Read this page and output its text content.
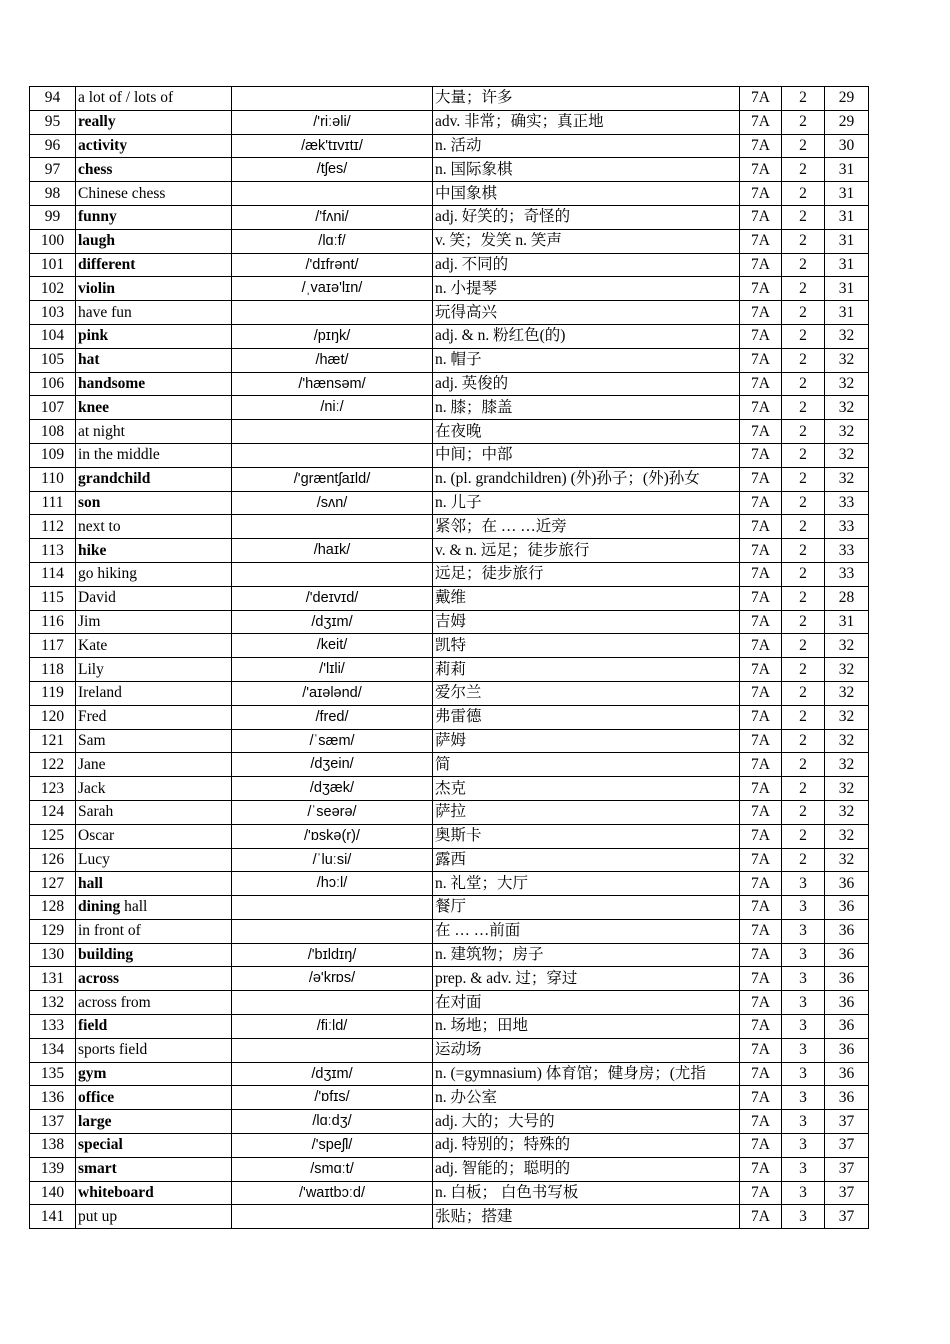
94	a lot of / lots of		大量；许多	7A	2	29
95	really	/'riːəli/	adv. 非常；确实；真正地	7A	2	29
96	activity	/æk'tɪvɪtɪ/	n. 活动	7A	2	30
97	chess	/tʃes/	n. 国际象棋	7A	2	31
98	Chinese chess		中国象棋	7A	2	31
99	funny	/'fʌni/	adj. 好笑的；奇怪的	7A	2	31
100	laugh	/lɑːf/	v. 笑；发笑 n. 笑声	7A	2	31
101	different	/'dɪfrənt/	adj. 不同的	7A	2	31
102	violin	/ˌvaɪə'lɪn/	n. 小提琴	7A	2	31
103	have fun		玩得高兴	7A	2	31
104	pink	/pɪŋk/	adj. & n. 粉红色(的)	7A	2	32
105	hat	/hæt/	n. 帽子	7A	2	32
106	handsome	/'hænsəm/	adj. 英俊的	7A	2	32
107	knee	/niː/	n. 膝；膝盖	7A	2	32
108	at night		在夜晚	7A	2	32
109	in the middle		中间；中部	7A	2	32
110	grandchild	/'græntʃaɪld/	n. (pl. grandchildren) (外)孙子；(外)孙女	7A	2	32
111	son	/sʌn/	n. 儿子	7A	2	33
112	next to		紧邻；在 … …近旁	7A	2	33
113	hike	/haɪk/	v. & n. 远足；徒步旅行	7A	2	33
114	go hiking		远足；徒步旅行	7A	2	33
115	David	/'deɪvɪd/	戴维	7A	2	28
116	Jim	/dʒɪm/	吉姆	7A	2	31
117	Kate	/keit/	凯特	7A	2	32
118	Lily	/'lɪli/	莉莉	7A	2	32
119	Ireland	/'aɪələnd/	爱尔兰	7A	2	32
120	Fred	/fred/	弗雷德	7A	2	32
121	Sam	/ˈsæm/	萨姆	7A	2	32
122	Jane	/dʒein/	简	7A	2	32
123	Jack	/dʒæk/	杰克	7A	2	32
124	Sarah	/ˈseərə/	萨拉	7A	2	32
125	Oscar	/'ɒskə(r)/	奥斯卡	7A	2	32
126	Lucy	/ˈluːsi/	露西	7A	2	32
127	hall	/hɔːl/	n. 礼堂；大厅	7A	3	36
128	dining hall		餐厅	7A	3	36
129	in front of		在 … …前面	7A	3	36
130	building	/'bɪldɪŋ/	n. 建筑物；房子	7A	3	36
131	across	/ə'krɒs/	prep. & adv. 过；穿过	7A	3	36
132	across from		在对面	7A	3	36
133	field	/fiːld/	n. 场地；田地	7A	3	36
134	sports field		运动场	7A	3	36
135	gym	/dʒɪm/	n. (=gymnasium) 体育馆；健身房；(尤指	7A	3	36
136	office	/'ɒfɪs/	n. 办公室	7A	3	36
137	large	/lɑːdʒ/	adj. 大的；大号的	7A	3	37
138	special	/'speʃl/	adj. 特别的；特殊的	7A	3	37
139	smart	/smɑːt/	adj. 智能的；聪明的	7A	3	37
140	whiteboard	/'waɪtbɔːd/	n. 白板； 白色书写板	7A	3	37
141	put up		张贴；搭建	7A	3	37
